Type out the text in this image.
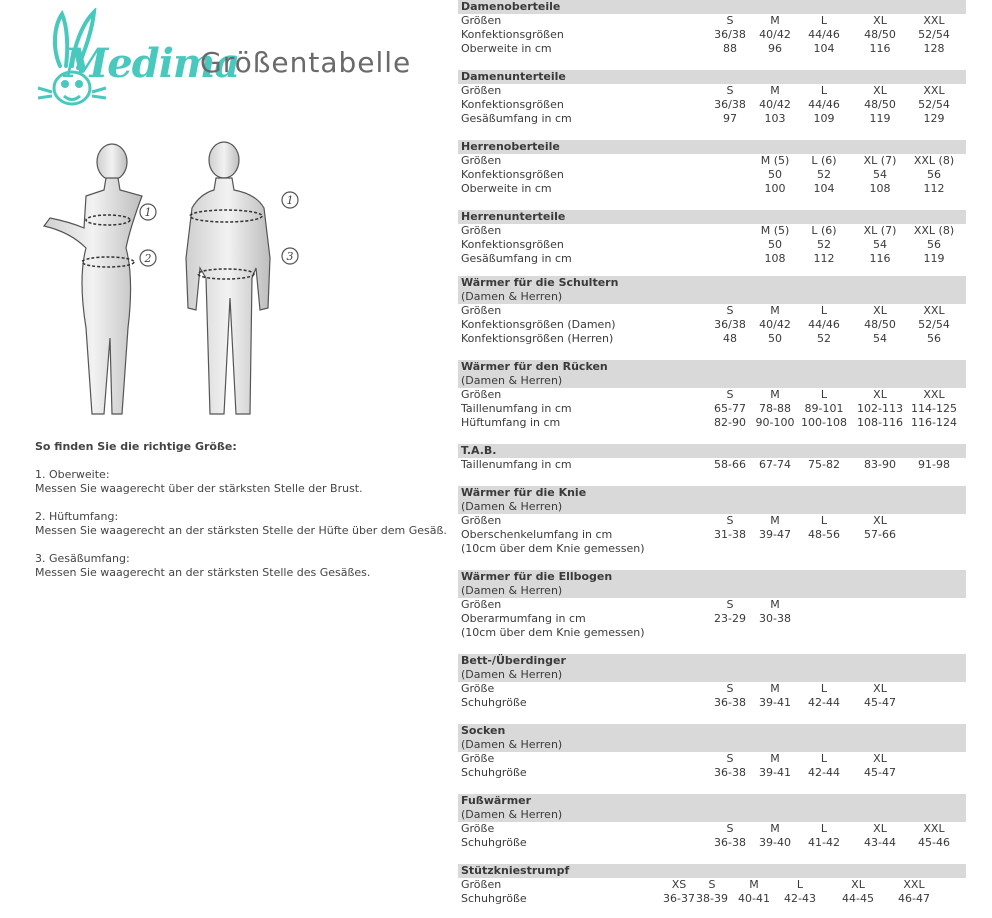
Medima
Größentabelle
1
2
1
3
So finden Sie die richtige Größe:
1. Oberweite:
Messen Sie waagerecht über der stärksten Stelle der Brust.
2. Hüftumfang:
Messen Sie waagerecht an der stärksten Stelle der Hüfte über dem Gesäß.
3. Gesäßumfang:
Messen Sie waagerecht an der stärksten Stelle des Gesäßes.
Damenoberteile
Größen	S	M	L	XL	XXL
Konfektionsgrößen	36/38	40/42	44/46	48/50	52/54
Oberweite in cm	88	96	104	116	128
Damenunterteile
Größen	S	M	L	XL	XXL
Konfektionsgrößen	36/38	40/42	44/46	48/50	52/54
Gesäßumfang in cm	97	103	109	119	129
Herrenoberteile
Größen	M (5)	L (6)	XL (7)	XXL (8)
Konfektionsgrößen	50	52	54	56
Oberweite in cm	100	104	108	112
Herrenunterteile
Größen	M (5)	L (6)	XL (7)	XXL (8)
Konfektionsgrößen	50	52	54	56
Gesäßumfang in cm	108	112	116	119
Wärmer für die Schultern
(Damen & Herren)
Größen	S	M	L	XL	XXL
Konfektionsgrößen (Damen)	36/38	40/42	44/46	48/50	52/54
Konfektionsgrößen (Herren)	48	50	52	54	56
Wärmer für den Rücken
(Damen & Herren)
Größen	S	M	L	XL	XXL
Taillenumfang in cm	65-77	78-88	89-101	102-113 114-125
Hüftumfang in cm	82-90 90-100 100-108 108-116 116-124
T.A.B.
Taillenumfang in cm	58-66	67-74	75-82	83-90	91-98
Wärmer für die Knie
(Damen & Herren)
Größen	S	M	L	XL
Oberschenkelumfang in cm	31-38	39-47	48-56	57-66
(10cm über dem Knie gemessen)
Wärmer für die Ellbogen
(Damen & Herren)
Größen	S	M
Oberarmumfang in cm	23-29	30-38
(10cm über dem Knie gemessen)
Bett-/Überdinger
(Damen & Herren)
Größe	S	M	L	XL
Schuhgröße	36-38	39-41	42-44	45-47
Socken
(Damen & Herren)
Größe	S	M	L	XL
Schuhgröße	36-38	39-41	42-44	45-47
Fußwärmer
(Damen & Herren)
Größe	S	M	L	XL	XXL
Schuhgröße	36-38	39-40	41-42	43-44	45-46
Stützkniestrumpf
Größen	XS	S	M	L	XL	XXL
Schuhgröße	36-37 38-39 40-41	42-43	44-45	46-47
